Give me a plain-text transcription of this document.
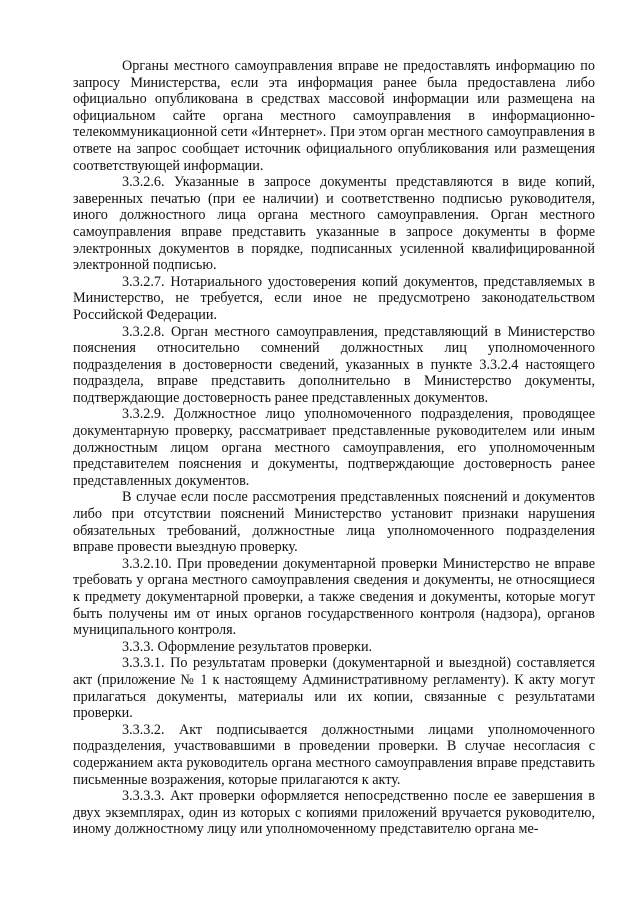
Органы местного самоуправления вправе не предоставлять информацию по запросу Министерства, если эта информация ранее была предоставлена либо официально опубликована в средствах массовой информации или размещена на официальном сайте органа местного самоуправления в информационно-телекоммуникационной сети «Интернет». При этом орган местного самоуправления в ответе на запрос сообщает источник официального опубликования или размещения соответствующей информации.

3.3.2.6. Указанные в запросе документы представляются в виде копий, заверенных печатью (при ее наличии) и соответственно подписью руководителя, иного должностного лица органа местного самоуправления. Орган местного самоуправления вправе представить указанные в запросе документы в форме электронных документов в порядке, подписанных усиленной квалифицированной электронной подписью.

3.3.2.7. Нотариального удостоверения копий документов, представляемых в Министерство, не требуется, если иное не предусмотрено законодательством Российской Федерации.

3.3.2.8. Орган местного самоуправления, представляющий в Министерство пояснения относительно сомнений должностных лиц уполномоченного подразделения в достоверности сведений, указанных в пункте 3.3.2.4 настоящего подраздела, вправе представить дополнительно в Министерство документы, подтверждающие достоверность ранее представленных документов.

3.3.2.9. Должностное лицо уполномоченного подразделения, проводящее документарную проверку, рассматривает представленные руководителем или иным должностным лицом органа местного самоуправления, его уполномоченным представителем пояснения и документы, подтверждающие достоверность ранее представленных документов.

В случае если после рассмотрения представленных пояснений и документов либо при отсутствии пояснений Министерство установит признаки нарушения обязательных требований, должностные лица уполномоченного подразделения вправе провести выездную проверку.

3.3.2.10. При проведении документарной проверки Министерство не вправе требовать у органа местного самоуправления сведения и документы, не относящиеся к предмету документарной проверки, а также сведения и документы, которые могут быть получены им от иных органов государственного контроля (надзора), органов муниципального контроля.

3.3.3. Оформление результатов проверки.

3.3.3.1. По результатам проверки (документарной и выездной) составляется акт (приложение № 1 к настоящему Административному регламенту). К акту могут прилагаться документы, материалы или их копии, связанные с результатами проверки.

3.3.3.2. Акт подписывается должностными лицами уполномоченного подразделения, участвовавшими в проведении проверки. В случае несогласия с содержанием акта руководитель органа местного самоуправления вправе представить письменные возражения, которые прилагаются к акту.

3.3.3.3. Акт проверки оформляется непосредственно после ее завершения в двух экземплярах, один из которых с копиями приложений вручается руководителю, иному должностному лицу или уполномоченному представителю органа ме-
